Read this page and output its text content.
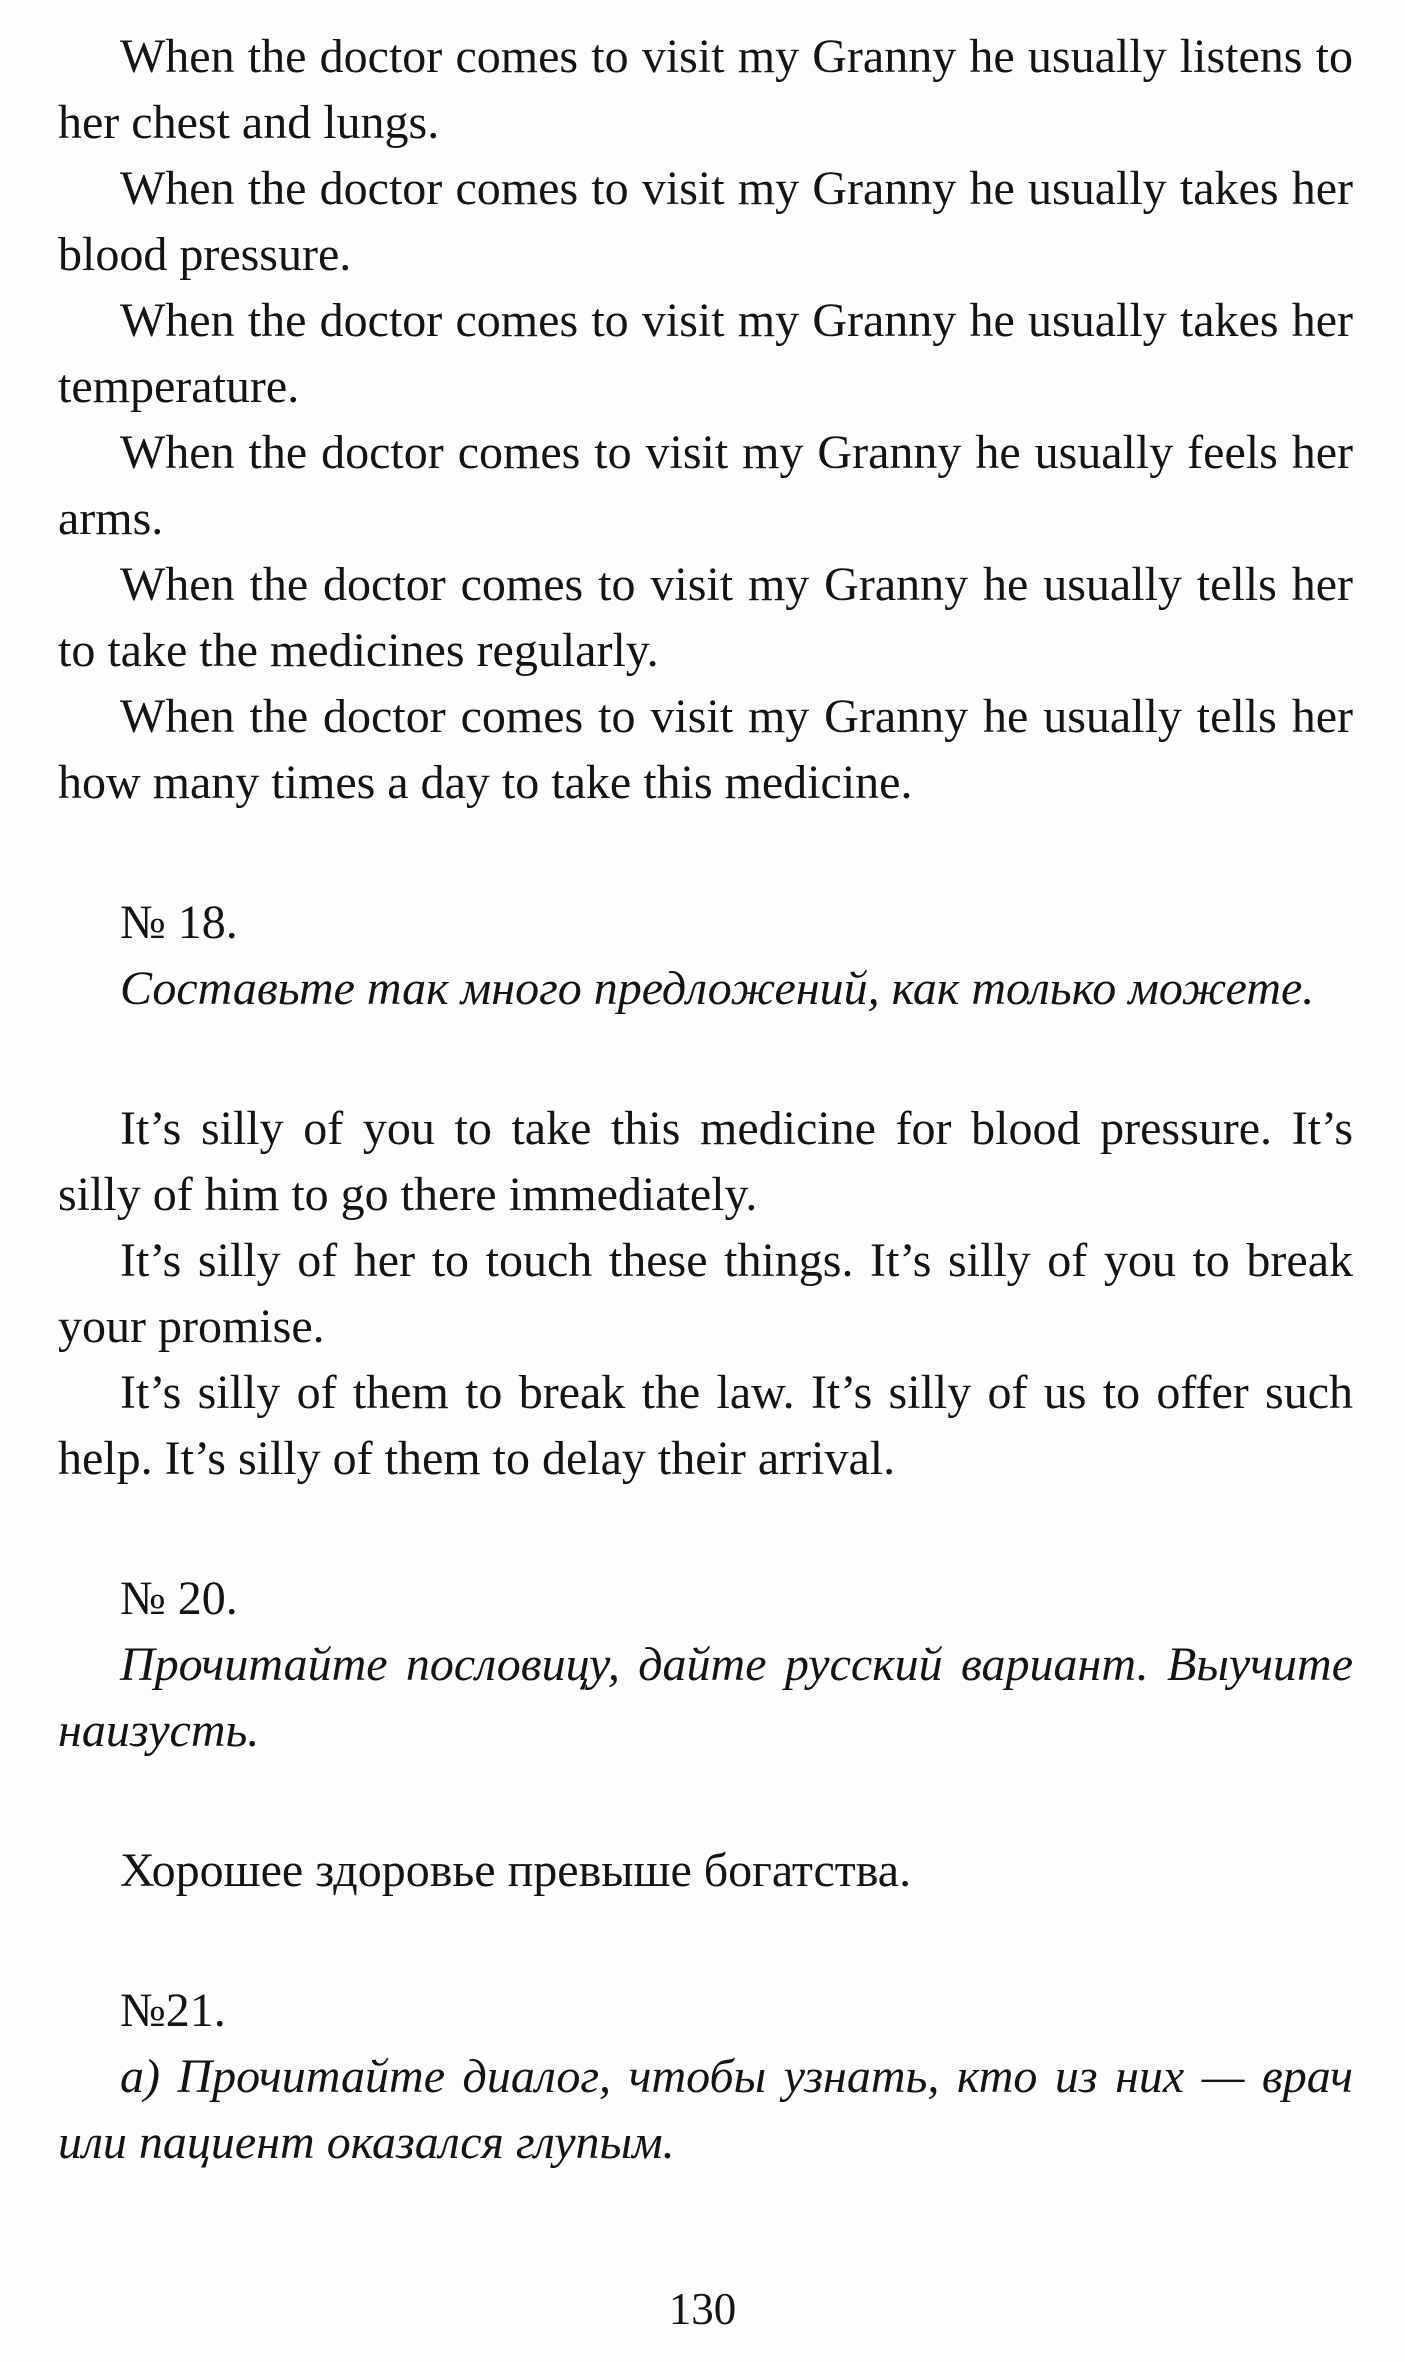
When the doctor comes to visit my Granny he usually listens to her chest and lungs.

When the doctor comes to visit my Granny he usually takes her blood pressure.

When the doctor comes to visit my Granny he usually takes her temperature.

When the doctor comes to visit my Granny he usually feels her arms.

When the doctor comes to visit my Granny he usually tells her to take the medicines regularly.

When the doctor comes to visit my Granny he usually tells her how many times a day to take this medicine.

№ 18.

Составьте так много предложений, как только можете.

It’s silly of you to take this medicine for blood pressure. It’s silly of him to go there immediately.

It’s silly of her to touch these things. It’s silly of you to break your promise.

It’s silly of them to break the law. It’s silly of us to offer such help. It’s silly of them to delay their arrival.

№ 20.

Прочитайте пословицу, дайте русский вариант. Выучите наизусть.

Хорошее здоровье превыше богатства.

№21.

а) Прочитайте диалог, чтобы узнать, кто из них — врач или пациент оказался глупым.

130
